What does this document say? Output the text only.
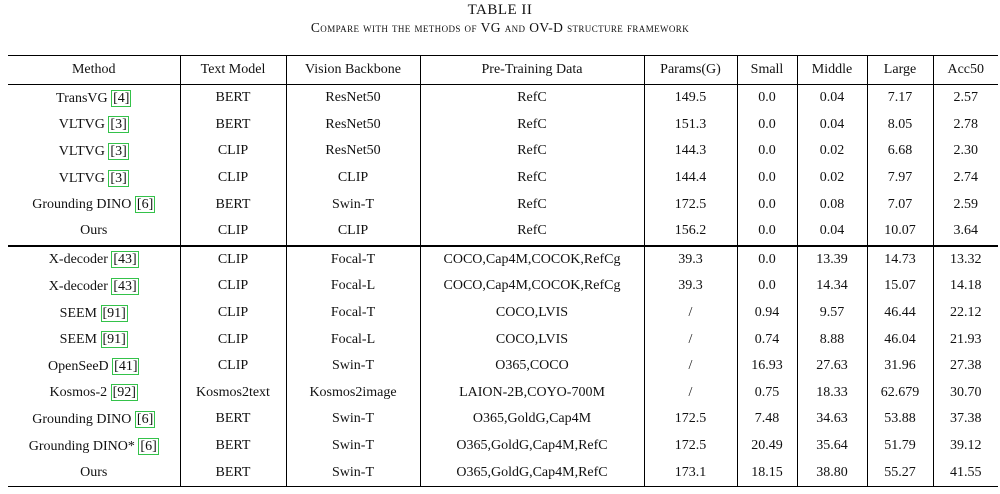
TABLE II
Compare with the methods of VG and OV-D structure framework
Method	Text Model	Vision Backbone	Pre-Training Data	Params(G)	Small	Middle	Large	Acc50
TransVG [4]	BERT	ResNet50	RefC	149.5	0.0	0.04	7.17	2.57
VLTVG [3]	BERT	ResNet50	RefC	151.3	0.0	0.04	8.05	2.78
VLTVG [3]	CLIP	ResNet50	RefC	144.3	0.0	0.02	6.68	2.30
VLTVG [3]	CLIP	CLIP	RefC	144.4	0.0	0.02	7.97	2.74
Grounding DINO [6]	BERT	Swin-T	RefC	172.5	0.0	0.08	7.07	2.59
Ours	CLIP	CLIP	RefC	156.2	0.0	0.04	10.07	3.64
X-decoder [43]	CLIP	Focal-T	COCO,Cap4M,COCOK,RefCg	39.3	0.0	13.39	14.73	13.32
X-decoder [43]	CLIP	Focal-L	COCO,Cap4M,COCOK,RefCg	39.3	0.0	14.34	15.07	14.18
SEEM [91]	CLIP	Focal-T	COCO,LVIS	/	0.94	9.57	46.44	22.12
SEEM [91]	CLIP	Focal-L	COCO,LVIS	/	0.74	8.88	46.04	21.93
OpenSeeD [41]	CLIP	Swin-T	O365,COCO	/	16.93	27.63	31.96	27.38
Kosmos-2 [92]	Kosmos2text	Kosmos2image	LAION-2B,COYO-700M	/	0.75	18.33	62.679	30.70
Grounding DINO [6]	BERT	Swin-T	O365,GoldG,Cap4M	172.5	7.48	34.63	53.88	37.38
Grounding DINO* [6]	BERT	Swin-T	O365,GoldG,Cap4M,RefC	172.5	20.49	35.64	51.79	39.12
Ours	BERT	Swin-T	O365,GoldG,Cap4M,RefC	173.1	18.15	38.80	55.27	41.55
